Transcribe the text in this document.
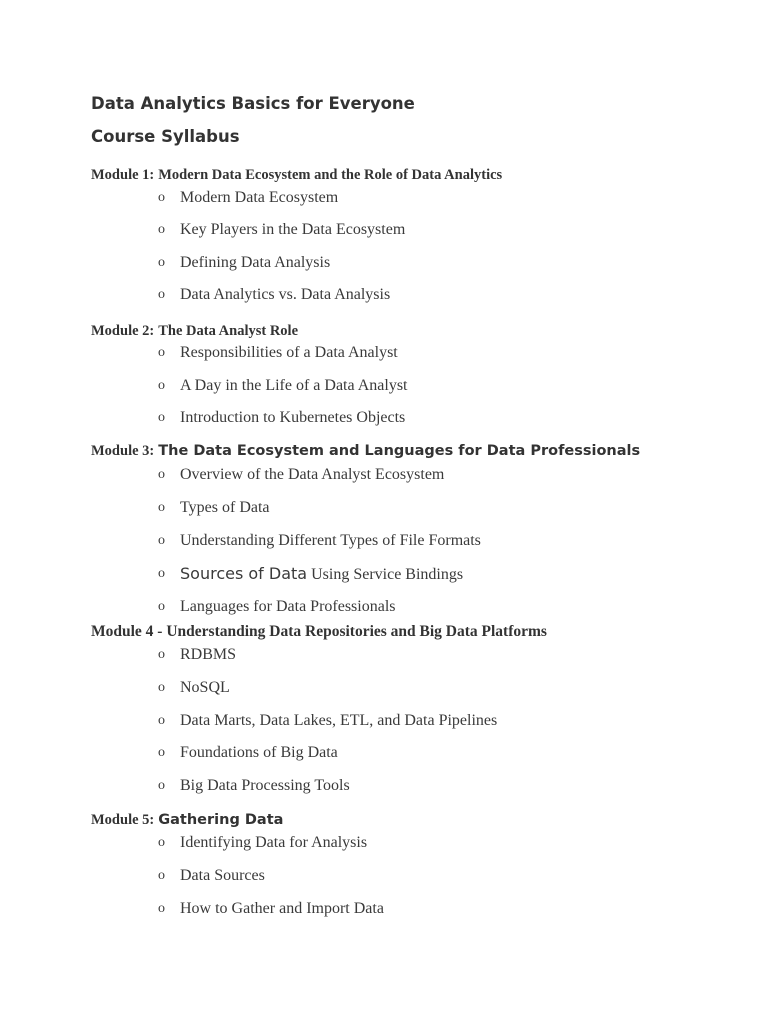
Data Analytics Basics for Everyone
Course Syllabus
Module 1: Modern Data Ecosystem and the Role of Data Analytics
o Modern Data Ecosystem
o Key Players in the Data Ecosystem
o Defining Data Analysis
o Data Analytics vs. Data Analysis
Module 2: The Data Analyst Role
o Responsibilities of a Data Analyst
o A Day in the Life of a Data Analyst
o Introduction to Kubernetes Objects
Module 3: The Data Ecosystem and Languages for Data Professionals
o Overview of the Data Analyst Ecosystem
o Types of Data
o Understanding Different Types of File Formats
o Sources of Data Using Service Bindings
o Languages for Data Professionals
Module 4 - Understanding Data Repositories and Big Data Platforms
o RDBMS
o NoSQL
o Data Marts, Data Lakes, ETL, and Data Pipelines
o Foundations of Big Data
o Big Data Processing Tools
Module 5: Gathering Data
o Identifying Data for Analysis
o Data Sources
o How to Gather and Import Data
